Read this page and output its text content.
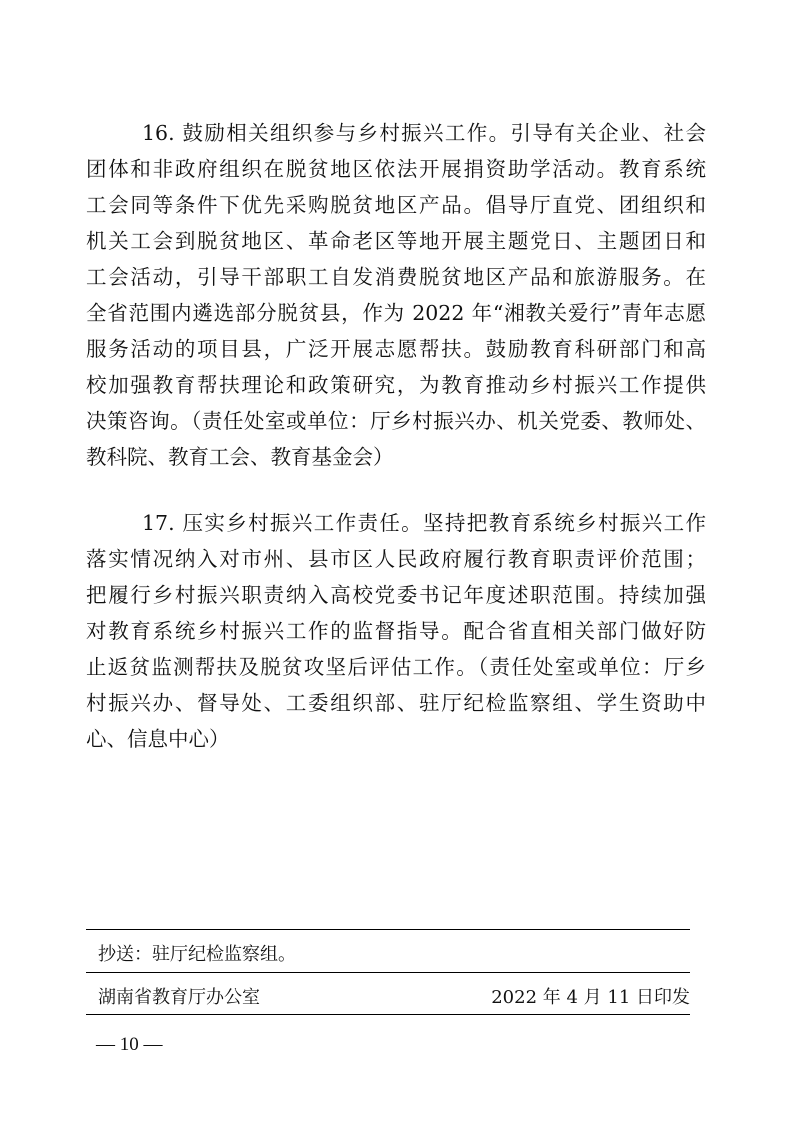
16. 鼓励相关组织参与乡村振兴工作。引导有关企业、社会
团体和非政府组织在脱贫地区依法开展捐资助学活动。教育系统
工会同等条件下优先采购脱贫地区产品。倡导厅直党、团组织和
机关工会到脱贫地区、革命老区等地开展主题党日、主题团日和
工会活动，引导干部职工自发消费脱贫地区产品和旅游服务。在
全省范围内遴选部分脱贫县，作为 2022 年“湘教关爱行”青年志愿
服务活动的项目县，广泛开展志愿帮扶。鼓励教育科研部门和高
校加强教育帮扶理论和政策研究，为教育推动乡村振兴工作提供
决策咨询。（责任处室或单位：厅乡村振兴办、机关党委、教师处、
教科院、教育工会、教育基金会）
17. 压实乡村振兴工作责任。坚持把教育系统乡村振兴工作
落实情况纳入对市州、县市区人民政府履行教育职责评价范围；
把履行乡村振兴职责纳入高校党委书记年度述职范围。持续加强
对教育系统乡村振兴工作的监督指导。配合省直相关部门做好防
止返贫监测帮扶及脱贫攻坚后评估工作。（责任处室或单位：厅乡
村振兴办、督导处、工委组织部、驻厅纪检监察组、学生资助中
心、信息中心）
抄送：驻厅纪检监察组。
湖南省教育厅办公室	2022 年 4 月 11 日印发
— 10 —
